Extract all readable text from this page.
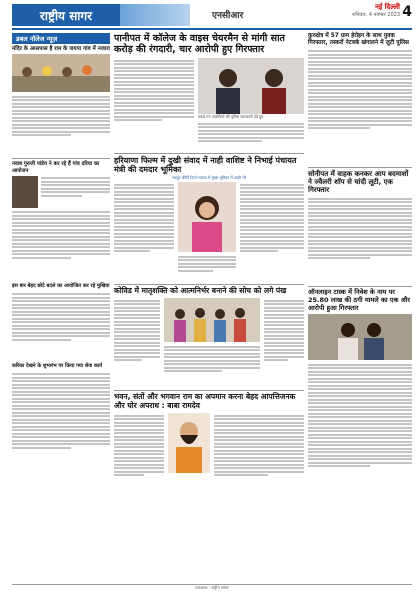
राष्ट्रीय सागर	एनसीआर
नई दिल्ली
शनिवार, 4 नवम्बर 2023 4
डबल नॉलेज न्यूज़
मंदिर के आसपास है राम के जयपा गांव में नजारा
नवाब गुरुजी पांडेय ने कर रहे हैं गांव दरिया का आयोजन
इस बार बेहद छोटे बदले का आयोजित कर रहे मुखिया
करिका देखने के शुभारंभ पर किया गया सेवा कार्य
पानीपत में कॉलेज के वाइस चेयरमैन से मांगी सात करोड़ की रंगदारी, चार आरोपी हुए गिरफ्तार
पकड़े गए आरोपियों की पुलिस जानकारी देते हुए
हरियाणा फिल्म में दुखी संवाद में नाही वाशिष्ट ने निभाई पंचायत मंत्री की दमदार भूमिका
मशहूर कीर्ति दिलो भावना में मुख्य भूमिका में आती भी
कोविड में मातृशक्ति को आत्मनिर्भर बनाने की सोच को लगे पंख
भवन, संतों और भगवान राम का अपमान करना बेहद आपत्तिजनक और घोर अपराध : बाबा रामदेव
कुरुक्षेत्र में 57 ग्राम हेरोइन के साथ युवक गिरफ्तार, तस्करों नेटवर्क खंगालने में जुटी पुलिस
सोनीपत में वाहक कनकर आप बदमाशों ने ज्वैलरी शॉप से चांदी लूटी, एक गिरफ्तार
ऑनलाइन टास्क में निवेश के नाम पर 25.80 लाख की ठगी मामले का एक और आरोपी हुआ गिरफ्तार
प्रकाशक : राष्ट्रीय सागर
